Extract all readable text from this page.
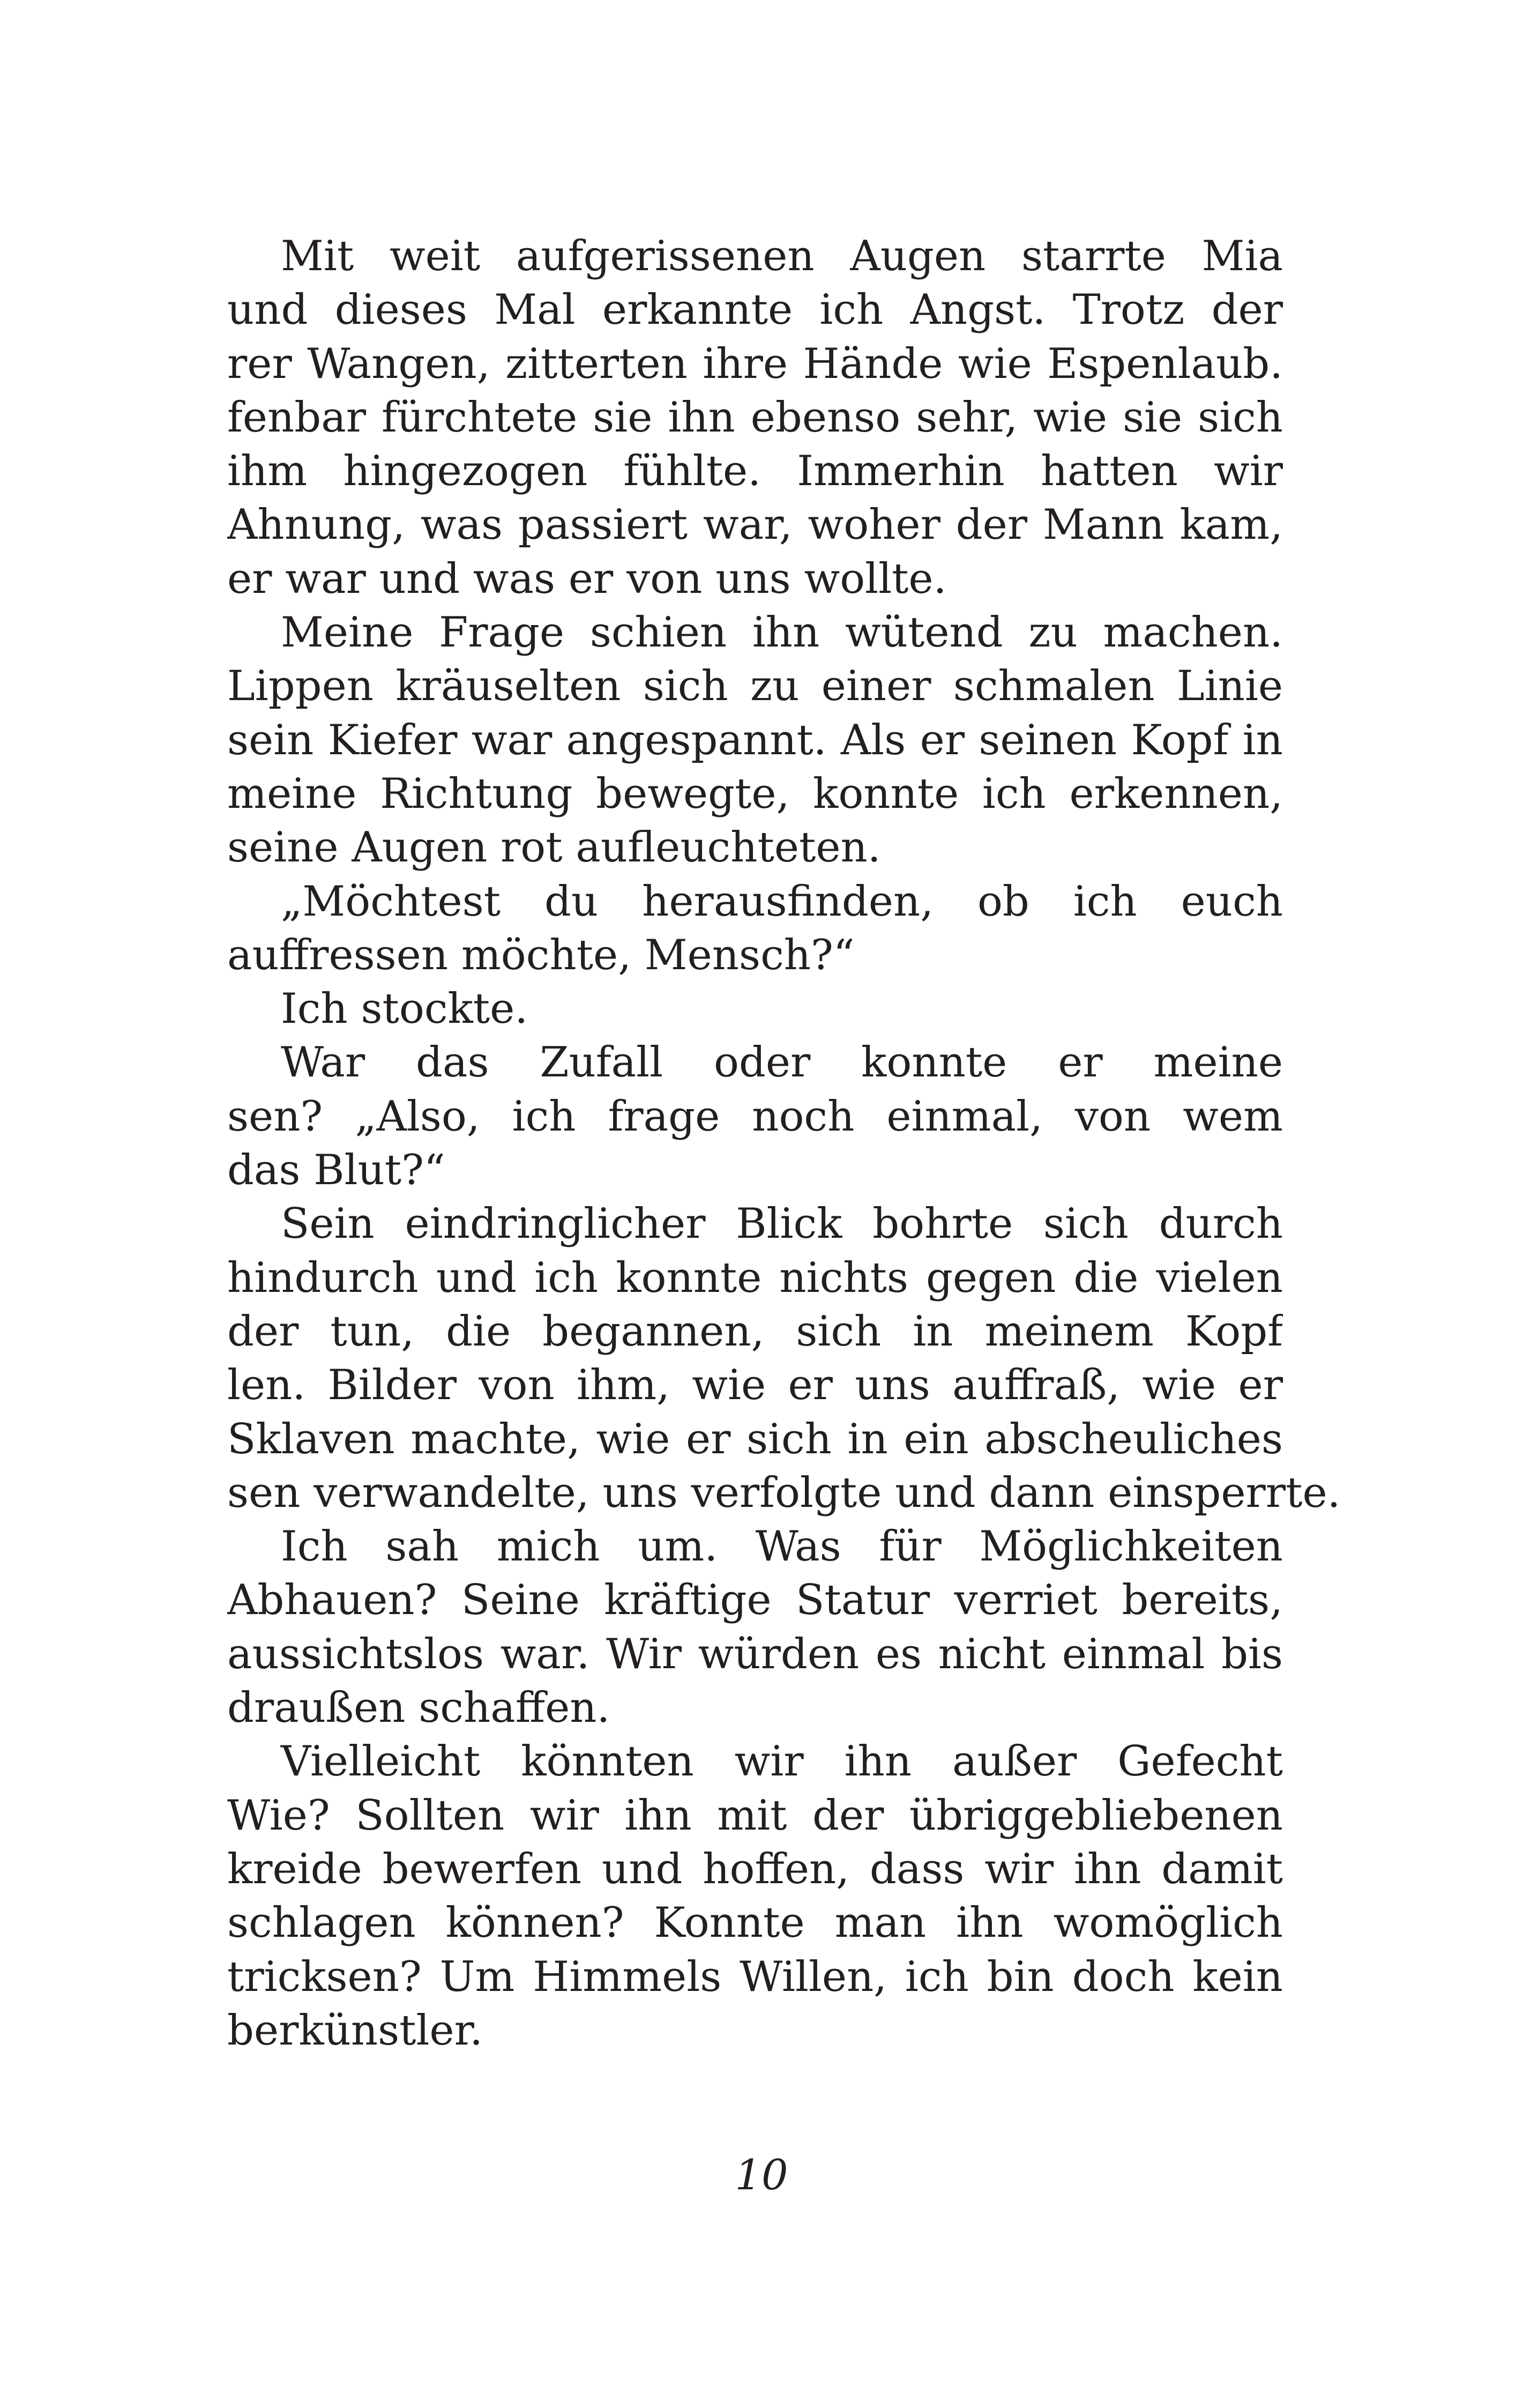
Mit weit aufgerissenen Augen starrte Mia
und dieses Mal erkannte ich Angst. Trotz der
rer Wangen, zitterten ihre Hände wie Espenlaub.
fenbar fürchtete sie ihn ebenso sehr, wie sie sich
ihm hingezogen fühlte. Immerhin hatten wir
Ahnung, was passiert war, woher der Mann kam,
er war und was er von uns wollte.

Meine Frage schien ihn wütend zu machen.
Lippen kräuselten sich zu einer schmalen Linie
sein Kiefer war angespannt. Als er seinen Kopf in
meine Richtung bewegte, konnte ich erkennen,
seine Augen rot aufleuchteten.

„Möchtest du herausfinden, ob ich euch
auffressen möchte, Mensch?“

Ich stockte.

War das Zufall oder konnte er meine
sen? „Also, ich frage noch einmal, von wem
das Blut?“

Sein eindringlicher Blick bohrte sich durch
hindurch und ich konnte nichts gegen die vielen
der tun, die begannen, sich in meinem Kopf
len. Bilder von ihm, wie er uns auffraß, wie er
Sklaven machte, wie er sich in ein abscheuliches
sen verwandelte, uns verfolgte und dann einsperrte.

Ich sah mich um. Was für Möglichkeiten
Abhauen? Seine kräftige Statur verriet bereits,
aussichtslos war. Wir würden es nicht einmal bis
draußen schaffen.

Vielleicht könnten wir ihn außer Gefecht
Wie? Sollten wir ihn mit der übriggebliebenen
kreide bewerfen und hoffen, dass wir ihn damit
schlagen können? Konnte man ihn womöglich
tricksen? Um Himmels Willen, ich bin doch kein
berkünstler.

10
